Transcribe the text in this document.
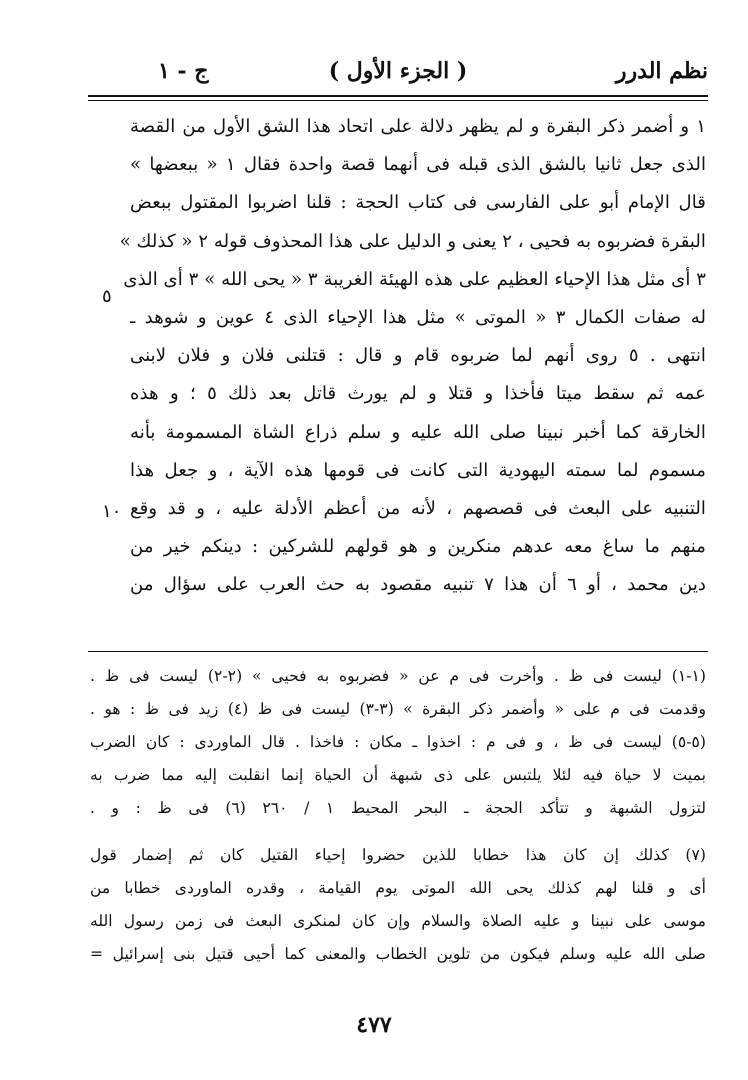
نظم الدرر
( الجزء الأول )
ج - ١
٥
١٠
١ و أضمر ذكر البقرة و لم يظهر دلالة على اتحاد هذا الشق الأول من القصة
الذى جعل ثانيا بالشق الذى قبله فى أنهما قصة واحدة فقال ١ « ببعضها »
قال الإمام أبو على الفارسى فى كتاب الحجة : قلنا اضربوا المقتول ببعض
البقرة فضربوه به فحيى ، ٢ يعنى و الدليل على هذا المحذوف قوله ٢ « كذلك »
٣ أى مثل هذا الإحياء العظيم على هذه الهيئة الغريبة ٣ « يحى الله » ٣ أى الذى
له صفات الكمال ٣ « الموتى » مثل هذا الإحياء الذى ٤ عوين و شوهد ـ
انتهى . ٥ روى أنهم لما ضربوه قام و قال : قتلنى فلان و فلان لابنى
عمه ثم سقط ميتا فأخذا و قتلا و لم يورث قاتل بعد ذلك ٥ ؛ و هذه
الخارقة كما أخبر نبينا صلى الله عليه و سلم ذراع الشاة المسمومة بأنه
مسموم لما سمته اليهودية التى كانت فى قومها هذه الآية ، و جعل هذا
التنبيه على البعث فى قصصهم ، لأنه من أعظم الأدلة عليه ، و قد وقع
منهم ما ساغ معه عدهم منكرين و هو قولهم للشركين : دينكم خير من
دين محمد ، أو ٦ أن هذا ٧ تنبيه مقصود به حث العرب على سؤال من
(١-١) ليست فى ظ . وأخرت فى م عن « فضربوه به فحيى » (٢-٢) ليست فى ظ .
وقدمت فى م على « وأضمر ذكر البقرة » (٣-٣) ليست فى ظ (٤) زيد فى ظ : هو .
(٥-٥) ليست فى ظ ، و فى م : اخذوا ـ مكان : فاخذا . قال الماوردى : كان الضرب
بميت لا حياة فيه لئلا يلتبس على ذى شبهة أن الحياة إنما انقلبت إليه مما ضرب به
لتزول الشبهة و تتأكد الحجة ـ البحر المحيط ١ / ٢٦٠ (٦) فى ظ : و .
(٧) كذلك إن كان هذا خطابا للذين حضروا إحياء القتيل كان ثم إضمار قول
أى و قلنا لهم كذلك يحى الله الموتى يوم القيامة ، وقدره الماوردى خطابا من
موسى على نبينا و عليه الصلاة والسلام وإن كان لمنكرى البعث فى زمن رسول الله
صلى الله عليه وسلم فيكون من تلوين الخطاب والمعنى كما أحيى قتيل بنى إسرائيل =
٤٧٧
